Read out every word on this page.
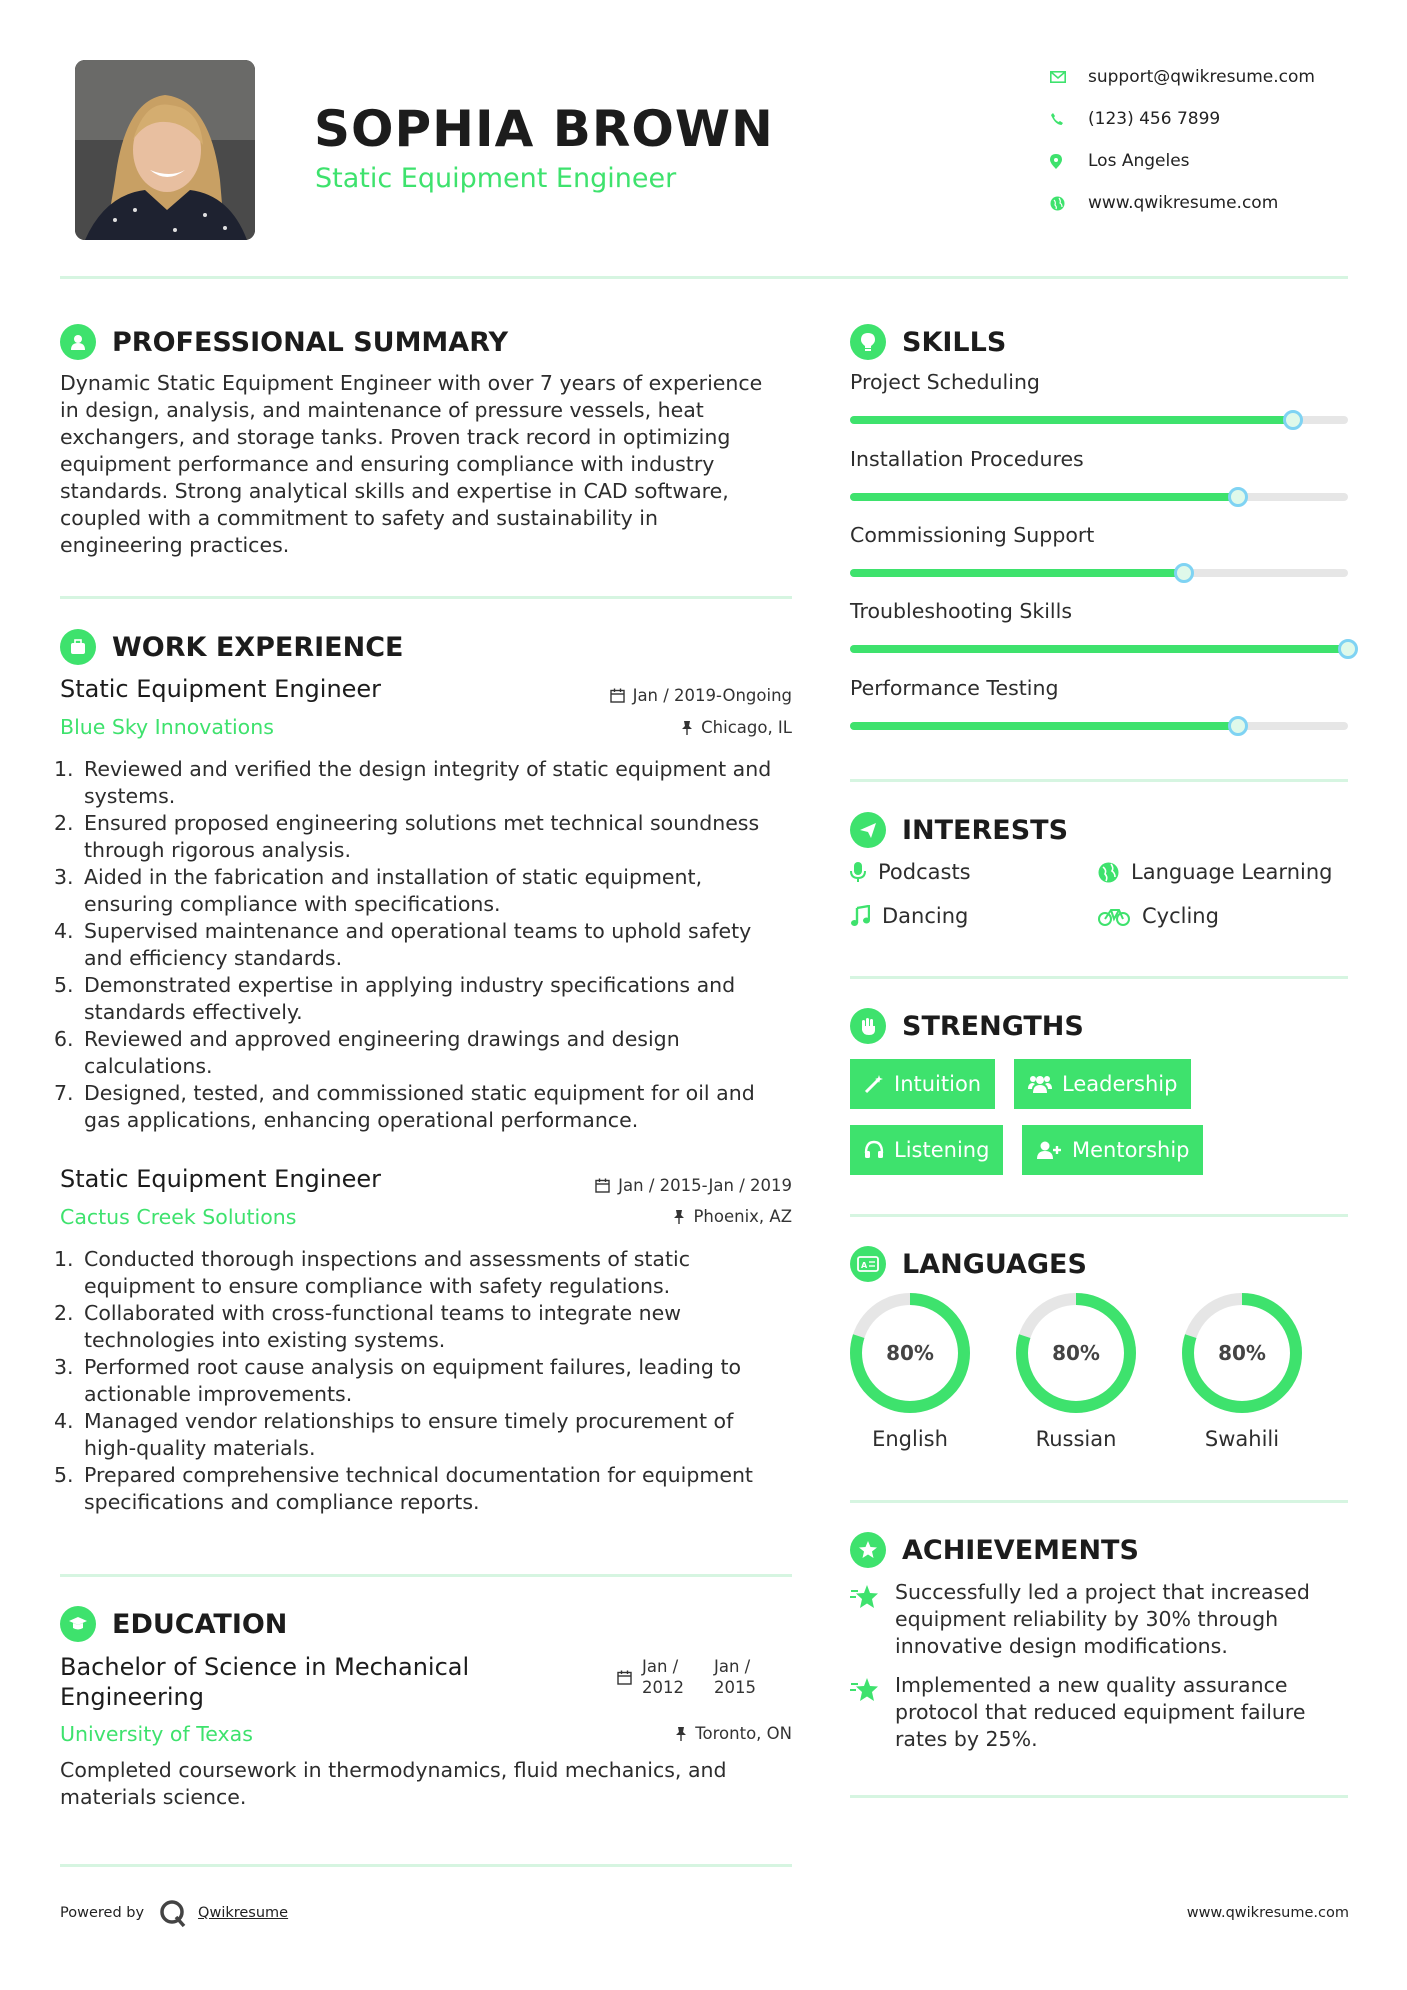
SOPHIA BROWN
Static Equipment Engineer
support@qwikresume.com
(123) 456 7899
Los Angeles
www.qwikresume.com
PROFESSIONAL SUMMARY
Dynamic Static Equipment Engineer with over 7 years of experience
in design, analysis, and maintenance of pressure vessels, heat
exchangers, and storage tanks. Proven track record in optimizing
equipment performance and ensuring compliance with industry
standards. Strong analytical skills and expertise in CAD software,
coupled with a commitment to safety and sustainability in
engineering practices.
WORK EXPERIENCE
Static Equipment Engineer	Jan / 2019-Ongoing
Blue Sky Innovations	Chicago, IL
1. Reviewed and verified the design integrity of static equipment and
systems.
2. Ensured proposed engineering solutions met technical soundness
through rigorous analysis.
3. Aided in the fabrication and installation of static equipment,
ensuring compliance with specifications.
4. Supervised maintenance and operational teams to uphold safety
and efficiency standards.
5. Demonstrated expertise in applying industry specifications and
standards effectively.
6. Reviewed and approved engineering drawings and design
calculations.
7. Designed, tested, and commissioned static equipment for oil and
gas applications, enhancing operational performance.
Static Equipment Engineer	Jan / 2015-Jan / 2019
Cactus Creek Solutions	Phoenix, AZ
1. Conducted thorough inspections and assessments of static
equipment to ensure compliance with safety regulations.
2. Collaborated with cross-functional teams to integrate new
technologies into existing systems.
3. Performed root cause analysis on equipment failures, leading to
actionable improvements.
4. Managed vendor relationships to ensure timely procurement of
high-quality materials.
5. Prepared comprehensive technical documentation for equipment
specifications and compliance reports.
EDUCATION
Bachelor of Science in Mechanical
Engineering
Jan /
2012
Jan /
2015
University of Texas	Toronto, ON
Completed coursework in thermodynamics, fluid mechanics, and
materials science.
SKILLS
Project Scheduling
Installation Procedures
Commissioning Support
Troubleshooting Skills
Performance Testing
INTERESTS
Podcasts	Language Learning
Dancing	Cycling
STRENGTHS
Intuition	Leadership
Listening	Mentorship
A LANGUAGES
80%
English
80%
Russian
80%
Swahili
ACHIEVEMENTS
Successfully led a project that increased
equipment reliability by 30% through
innovative design modifications.
Implemented a new quality assurance
protocol that reduced equipment failure
rates by 25%.
Powered by	Qwikresume	www.qwikresume.com
